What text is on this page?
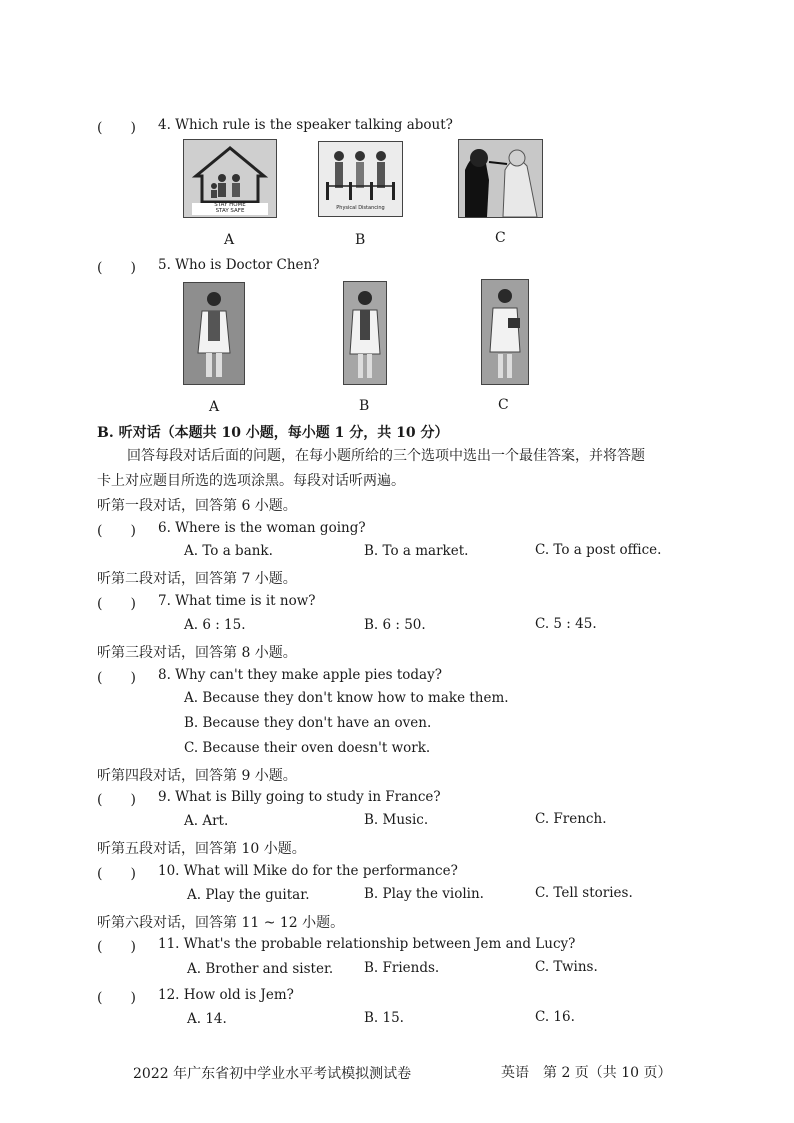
(　　) 4. Which rule is the speaker talking about?
STAY HOME
STAY SAFE	Physical Distancing
A	B	C
(　　) 5. Who is Doctor Chen?
A	B	C
B. 听对话（本题共 10 小题，每小题 1 分，共 10 分）
回答每段对话后面的问题，在每小题所给的三个选项中选出一个最佳答案，并将答题
卡上对应题目所选的选项涂黑。每段对话听两遍。
听第一段对话，回答第 6 小题。
(　　) 6. Where is the woman going?
A. To a bank.	B. To a market.	C. To a post office.
听第二段对话，回答第 7 小题。
(　　) 7. What time is it now?
A. 6 : 15.	B. 6 : 50.	C. 5 : 45.
听第三段对话，回答第 8 小题。
(　　) 8. Why can't they make apple pies today?
A. Because they don't know how to make them.
B. Because they don't have an oven.
C. Because their oven doesn't work.
听第四段对话，回答第 9 小题。
(　　) 9. What is Billy going to study in France?
A. Art.	B. Music.	C. French.
听第五段对话，回答第 10 小题。
(　　) 10. What will Mike do for the performance?
A. Play the guitar.	B. Play the violin.	C. Tell stories.
听第六段对话，回答第 11 ~ 12 小题。
(　　) 11. What's the probable relationship between Jem and Lucy?
A. Brother and sister. B. Friends.	C. Twins.
(　　) 12. How old is Jem?
A. 14.	B. 15.	C. 16.
2022 年广东省初中学业水平考试模拟测试卷	英语　第 2 页（共 10 页）
